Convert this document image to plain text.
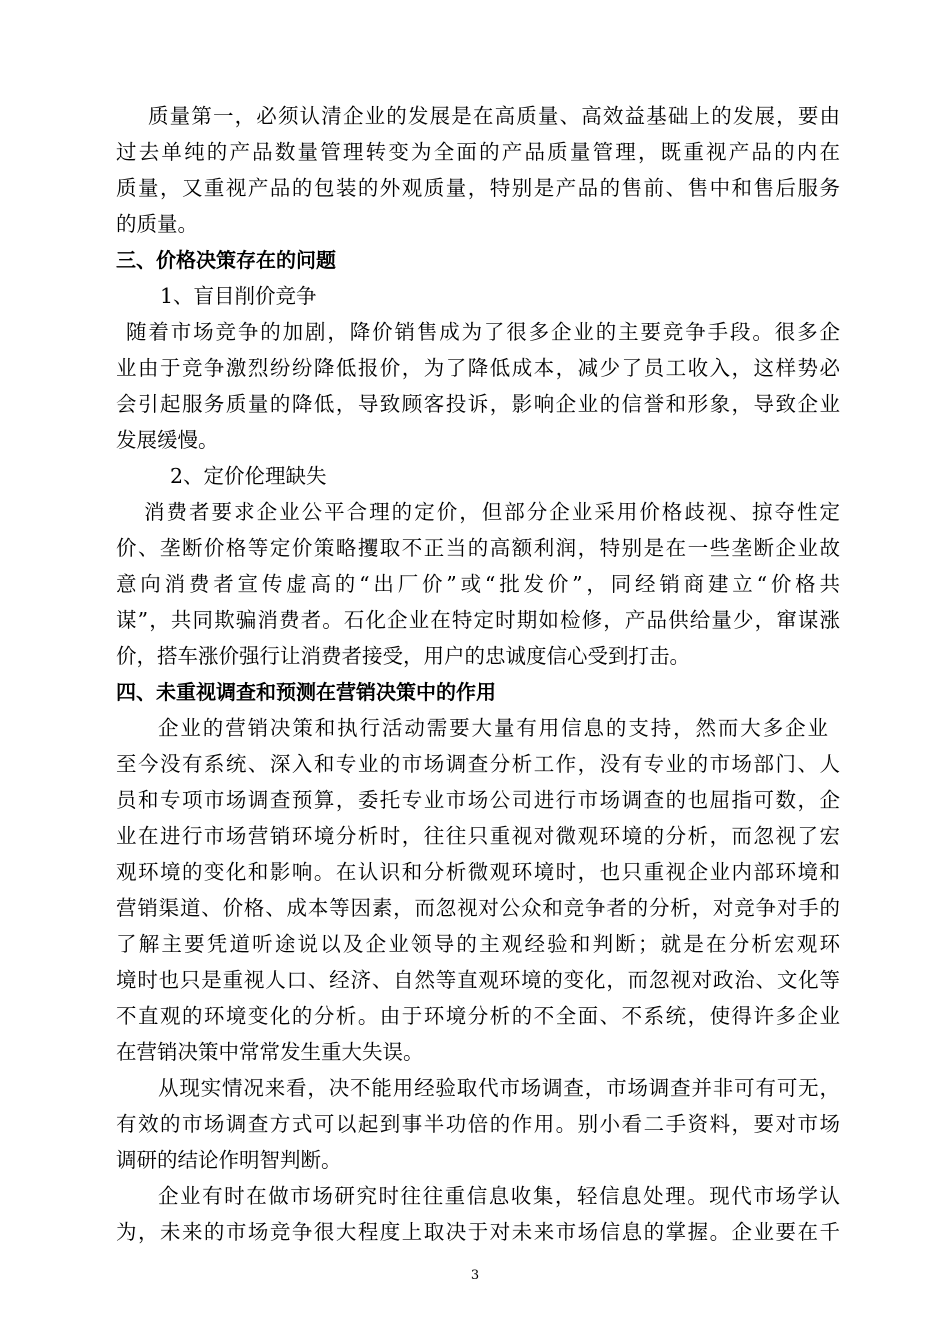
质量第一，必须认清企业的发展是在高质量、高效益基础上的发展，要由
过去单纯的产品数量管理转变为全面的产品质量管理，既重视产品的内在
质量，又重视产品的包装的外观质量，特别是产品的售前、售中和售后服务
的质量。
三、价格决策存在的问题
1、盲目削价竞争
随着市场竞争的加剧，降价销售成为了很多企业的主要竞争手段。很多企
业由于竞争激烈纷纷降低报价，为了降低成本，减少了员工收入，这样势必
会引起服务质量的降低，导致顾客投诉，影响企业的信誉和形象，导致企业
发展缓慢。
2、定价伦理缺失
消费者要求企业公平合理的定价，但部分企业采用价格歧视、掠夺性定
价、垄断价格等定价策略攫取不正当的高额利润，特别是在一些垄断企业故
意向消费者宣传虚高的“出厂价”或“批发价”，同经销商建立“价格共
谋”，共同欺骗消费者。石化企业在特定时期如检修，产品供给量少，窜谋涨
价，搭车涨价强行让消费者接受，用户的忠诚度信心受到打击。
四、未重视调查和预测在营销决策中的作用
企业的营销决策和执行活动需要大量有用信息的支持，然而大多企业
至今没有系统、深入和专业的市场调查分析工作，没有专业的市场部门、人
员和专项市场调查预算，委托专业市场公司进行市场调查的也屈指可数，企
业在进行市场营销环境分析时，往往只重视对微观环境的分析，而忽视了宏
观环境的变化和影响。在认识和分析微观环境时，也只重视企业内部环境和
营销渠道、价格、成本等因素，而忽视对公众和竞争者的分析，对竞争对手的
了解主要凭道听途说以及企业领导的主观经验和判断；就是在分析宏观环
境时也只是重视人口、经济、自然等直观环境的变化，而忽视对政治、文化等
不直观的环境变化的分析。由于环境分析的不全面、不系统，使得许多企业
在营销决策中常常发生重大失误。
从现实情况来看，决不能用经验取代市场调查，市场调查并非可有可无，
有效的市场调查方式可以起到事半功倍的作用。别小看二手资料，要对市场
调研的结论作明智判断。
企业有时在做市场研究时往往重信息收集，轻信息处理。现代市场学认
为，未来的市场竞争很大程度上取决于对未来市场信息的掌握。企业要在千
3
